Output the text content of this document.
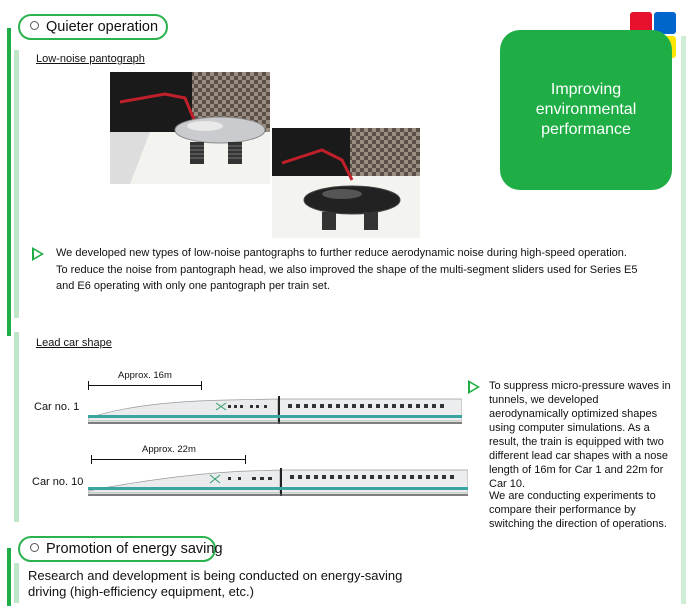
Quieter operation
Improving environmental performance
Low-noise pantograph
We developed new types of low-noise pantographs to further reduce aerodynamic noise during high-speed operation.
To reduce the noise from pantograph head, we also improved the shape of the multi-segment sliders used for Series E5 and E6 operating with only one pantograph per train set.
Lead car shape
Approx. 16m
Car no. 1
Approx. 22m
Car no. 10
To suppress micro-pressure waves in tunnels, we developed aerodynamically optimized shapes using computer simulations. As a result, the train is equipped with two different lead car shapes with a nose length of 16m for Car 1 and 22m for Car 10.
We are conducting experiments to compare their performance by switching the direction of operations.
Promotion of energy saving
Research and development is being conducted on energy-saving driving (high-efficiency equipment, etc.)
